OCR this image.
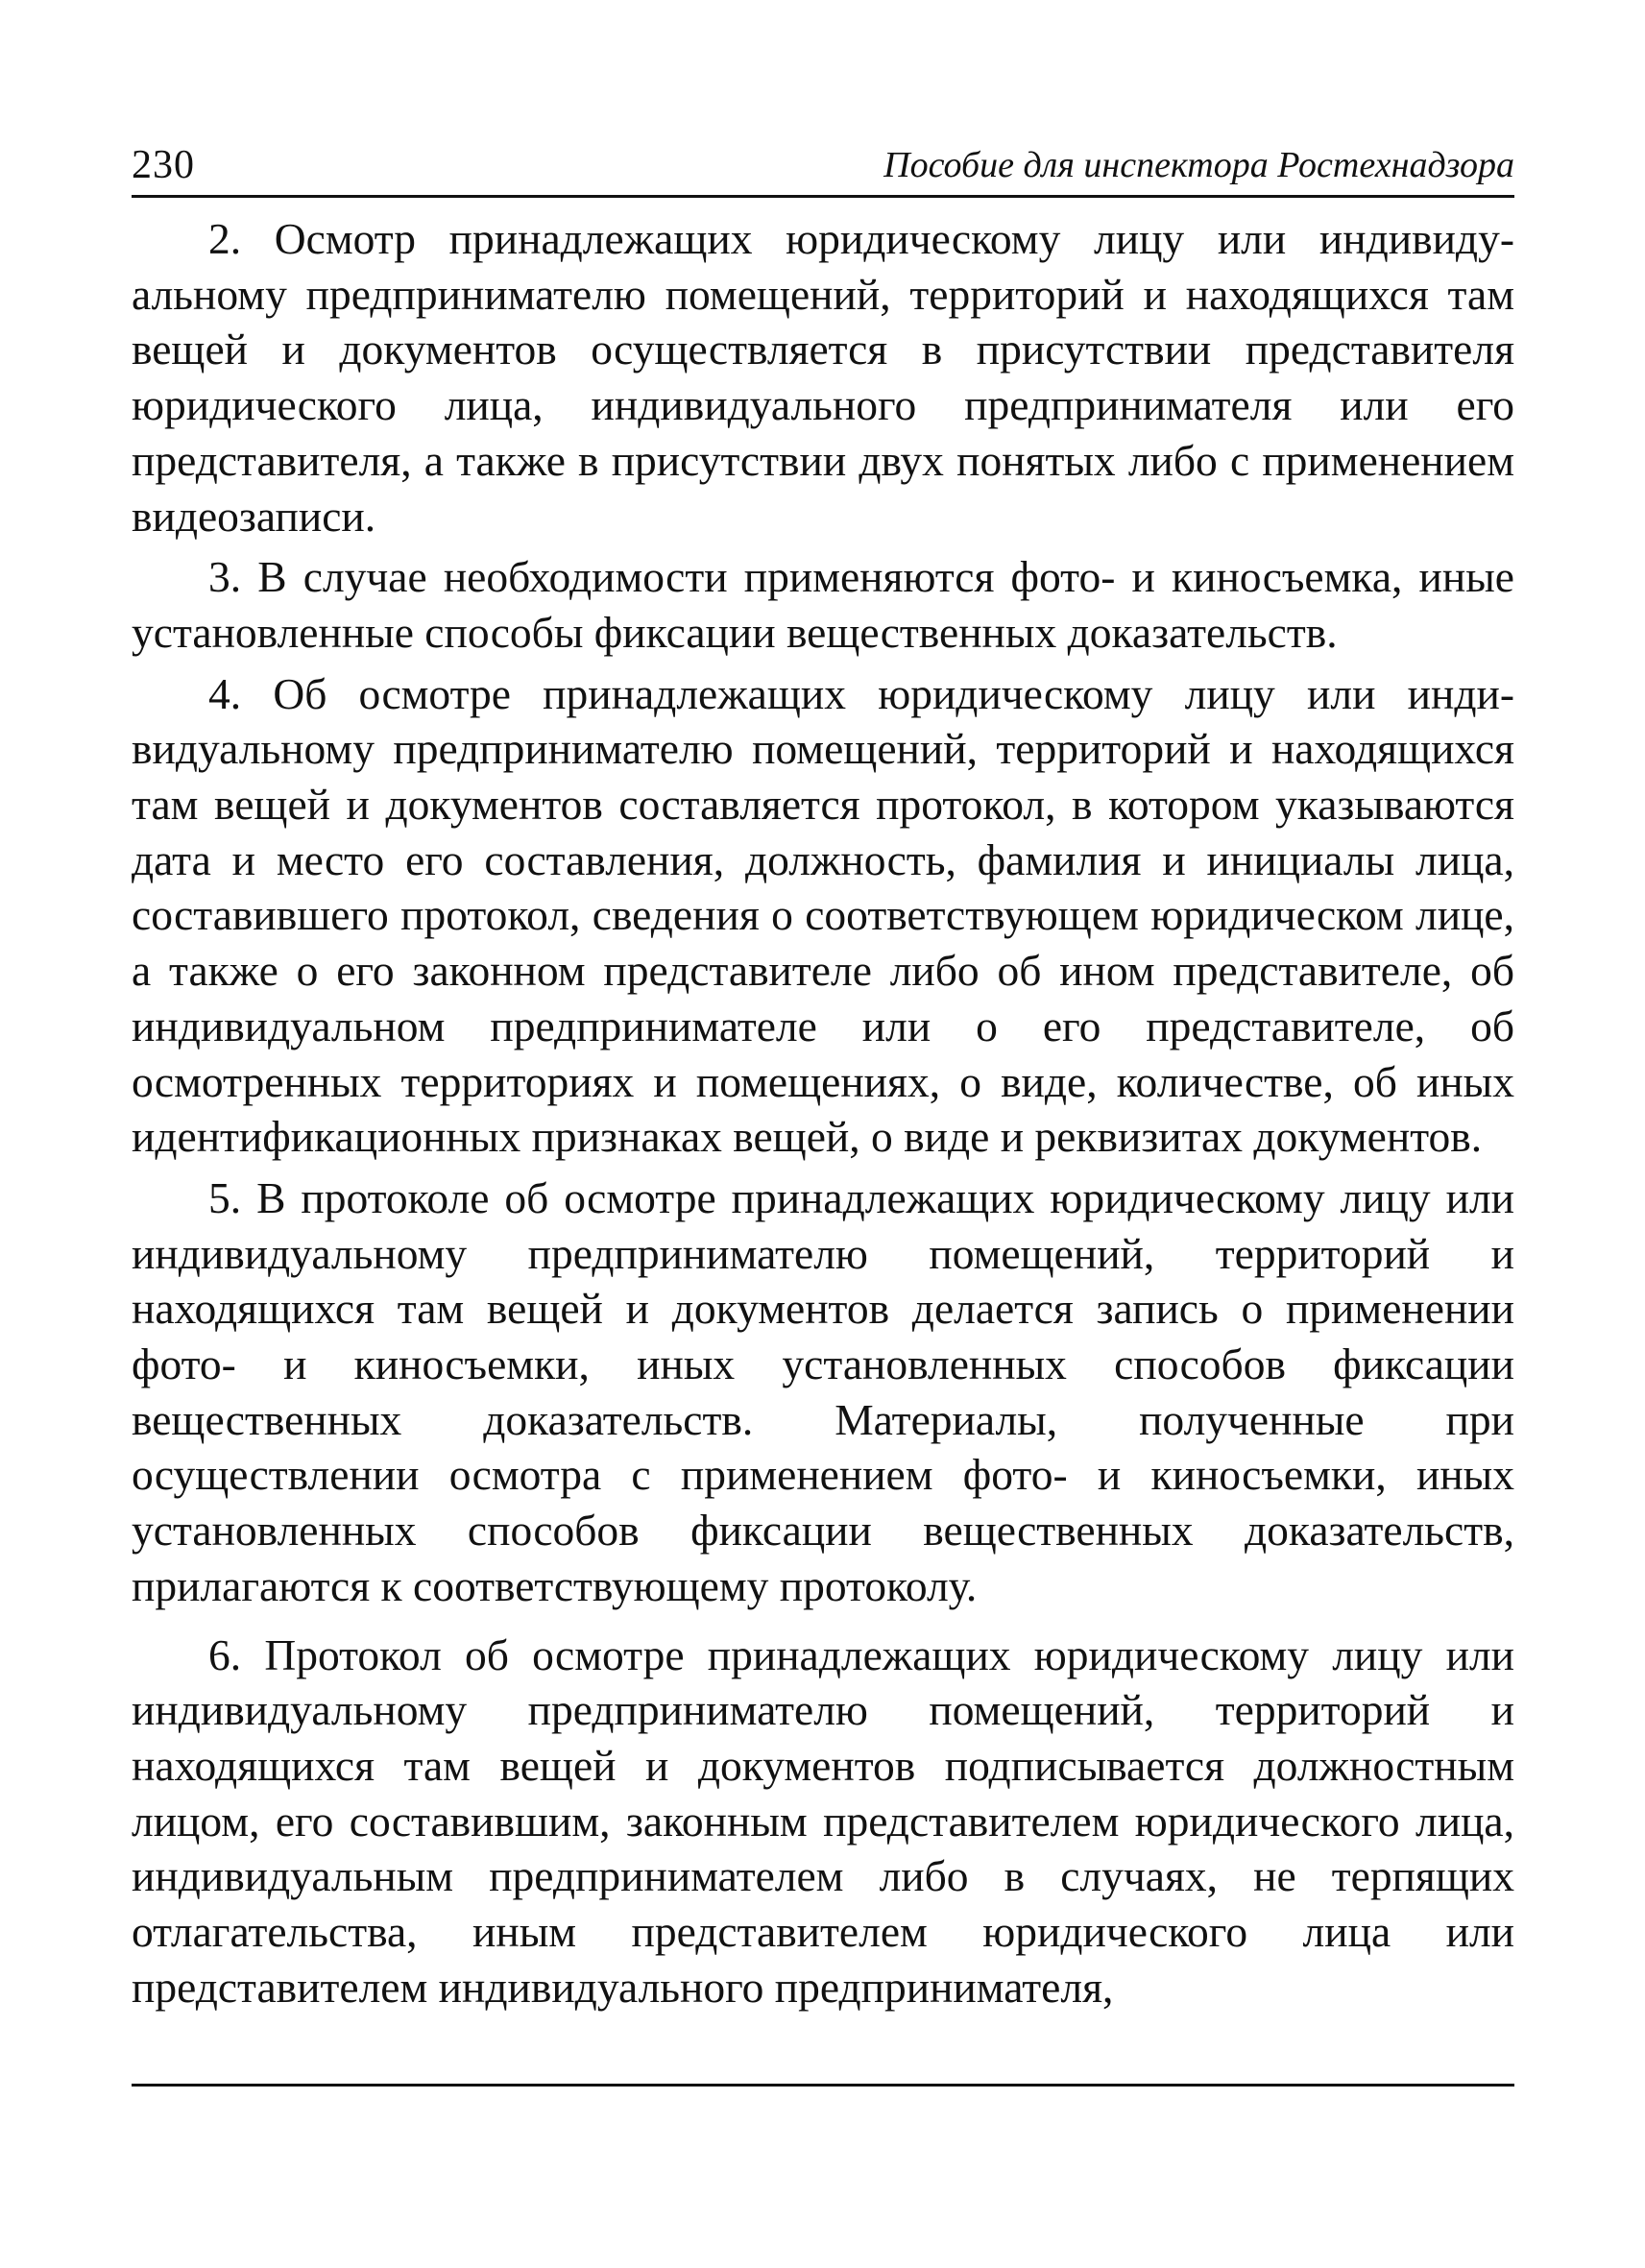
230	Пособие для инспектора Ростехнадзора

2. Осмотр принадлежащих юридическому лицу или индивидуальному предпринимателю помещений, территорий и находящихся там вещей и документов осуществляется в присутствии представителя юридического лица, индивидуального предпринимателя или его представителя, а также в присутствии двух понятых либо с применением видеозаписи.

3. В случае необходимости применяются фото- и киносъемка, иные установленные способы фиксации вещественных доказательств.

4. Об осмотре принадлежащих юридическому лицу или индивидуальному предпринимателю помещений, территорий и находящихся там вещей и документов составляется протокол, в котором указываются дата и место его составления, должность, фамилия и инициалы лица, составившего протокол, сведения о соответствующем юридическом лице, а также о его законном представителе либо об ином представителе, об индивидуальном предпринимателе или о его представителе, об осмотренных территориях и помещениях, о виде, количестве, об иных идентификационных признаках вещей, о виде и реквизитах документов.

5. В протоколе об осмотре принадлежащих юридическому лицу или индивидуальному предпринимателю помещений, территорий и находящихся там вещей и документов делается запись о применении фото- и киносъемки, иных установленных способов фиксации вещественных доказательств. Материалы, полученные при осуществлении осмотра с применением фото- и киносъемки, иных установленных способов фиксации вещественных доказательств, прилагаются к соответствующему протоколу.

6. Протокол об осмотре принадлежащих юридическому лицу или индивидуальному предпринимателю помещений, территорий и находящихся там вещей и документов подписывается должностным лицом, его составившим, законным представителем юридического лица, индивидуальным предпринимателем либо в случаях, не терпящих отлагательства, иным представителем юридического лица или представителем индивидуального предпринимателя,
